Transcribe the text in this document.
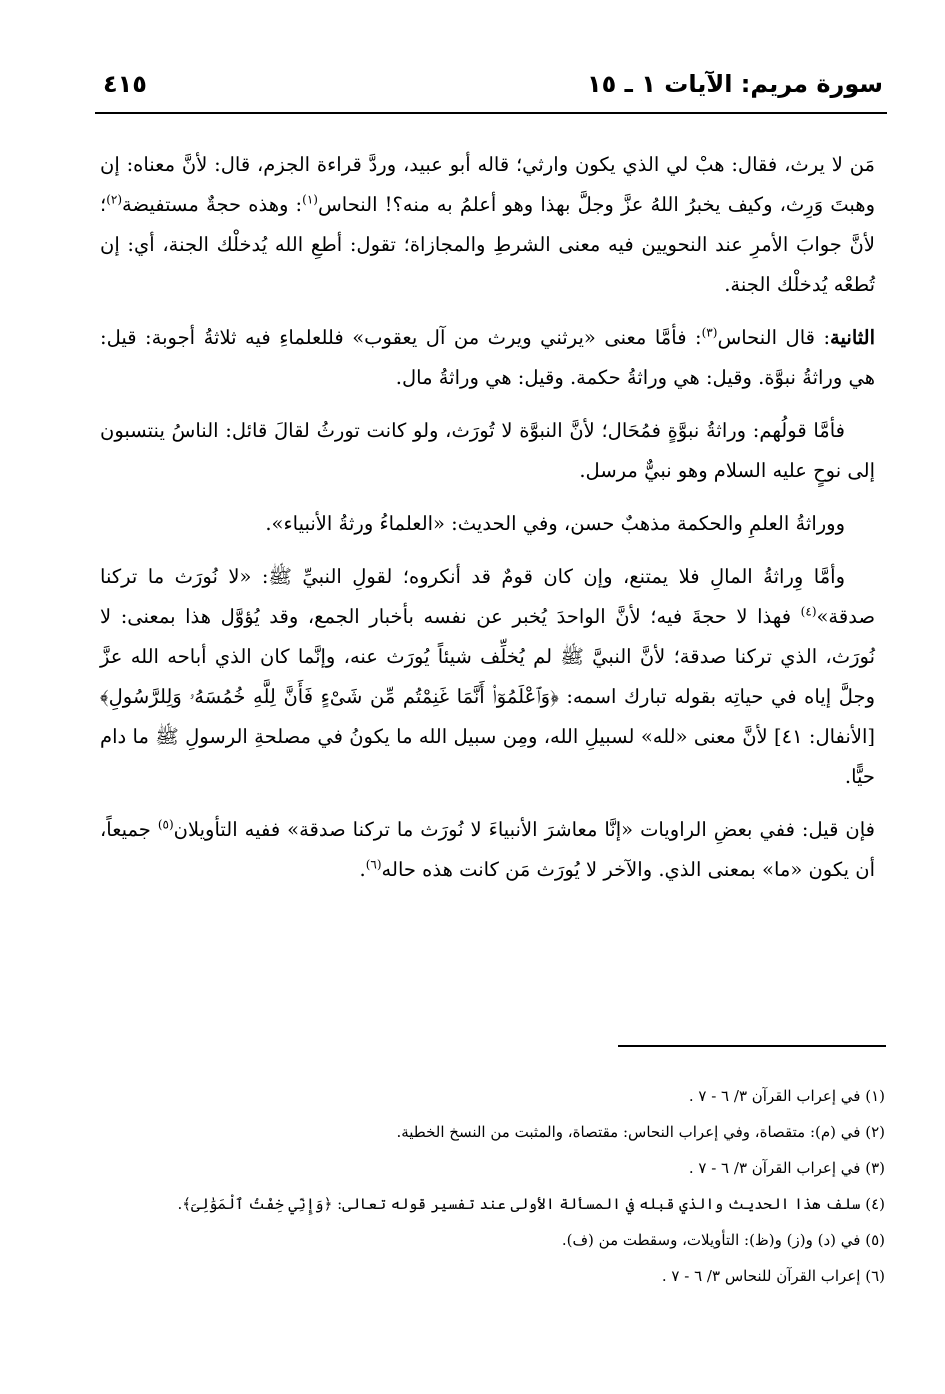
سورة مريم: الآيات ١ ـ ١٥
٤١٥

مَن لا يرث، فقال: هبْ لي الذي يكون وارثي؛ قاله أبو عبيد، وردَّ قراءة الجزم، قال: لأنَّ معناه: إن وهبتَ وَرِث، وكيف يخبرُ اللهُ عزَّ وجلَّ بهذا وهو أعلمُ به منه؟! النحاس$^{(١)}$: وهذه حجةٌ مستفيضة$^{(٢)}$؛ لأنَّ جوابَ الأمرِ عند النحويين فيه معنى الشرطِ والمجازاة؛ تقول: أطعِ الله يُدخلْك الجنة، أي: إن تُطعْه يُدخلْك الجنة.

الثانية: قال النحاس$^{(٣)}$: فأمَّا معنى «يرثني ويرث من آل يعقوب» فللعلماءِ فيه ثلاثةُ أجوبة: قيل: هي وراثةُ نبوَّة. وقيل: هي وراثةُ حكمة. وقيل: هي وراثةُ مال.

فأمَّا قولُهم: وراثةُ نبوَّةٍ فمُحَال؛ لأنَّ النبوَّة لا تُورَث، ولو كانت تورثُ لقالَ قائل: الناسُ ينتسبون إلى نوحٍ عليه السلام وهو نبيٌّ مرسل.

ووراثةُ العلمِ والحكمة مذهبٌ حسن، وفي الحديث: «العلماءُ ورثةُ الأنبياء».

وأمَّا وِراثةُ المالِ فلا يمتنع، وإن كان قومٌ قد أنكروه؛ لقولِ النبيِّ ﷺ: «لا نُورَث ما تركنا صدقة»$^{(٤)}$ فهذا لا حجةَ فيه؛ لأنَّ الواحدَ يُخبر عن نفسه بأخبار الجمع، وقد يُؤوَّل هذا بمعنى: لا نُورَث، الذي تركنا صدقة؛ لأنَّ النبيَّ ﷺ لم يُخلِّف شيئاً يُورَث عنه، وإنَّما كان الذي أباحه الله عزَّ وجلَّ إياه في حياتِه بقوله تبارك اسمه: ﴿وَٱعْلَمُوٓا۟ أَنَّمَا غَنِمْتُم مِّن شَىْءٍ فَأَنَّ لِلَّهِ خُمُسَهُۥ وَلِلرَّسُولِ﴾ [الأنفال: ٤١] لأنَّ معنى «لله» لسبيلِ الله، ومِن سبيل الله ما يكونُ في مصلحةِ الرسولِ ﷺ ما دام حيًّا.

فإن قيل: ففي بعضِ الراويات «إنَّا معاشرَ الأنبياءَ لا نُورَث ما تركنا صدقة» ففيه التأويلان$^{(٥)}$ جميعاً، أن يكون «ما» بمعنى الذي. والآخر لا يُورَث مَن كانت هذه حاله$^{(٦)}$.

(١) في إعراب القرآن ٣/ ٦ - ٧ .
(٢) في (م): متقصاة، وفي إعراب النحاس: مقتصاة، والمثبت من النسخ الخطية.
(٣) في إعراب القرآن ٣/ ٦ - ٧ .
(٤) سلف هذا الحديث والذي قبله في المسألة الأولى عند تفسير قوله تعالى: ﴿وَإِنِّي خِفْتُ ٱلْمَوَٰلِىَ﴾.
(٥) في (د) و(ز) و(ظ): التأويلات، وسقطت من (ف).
(٦) إعراب القرآن للنحاس ٣/ ٦ - ٧ .
